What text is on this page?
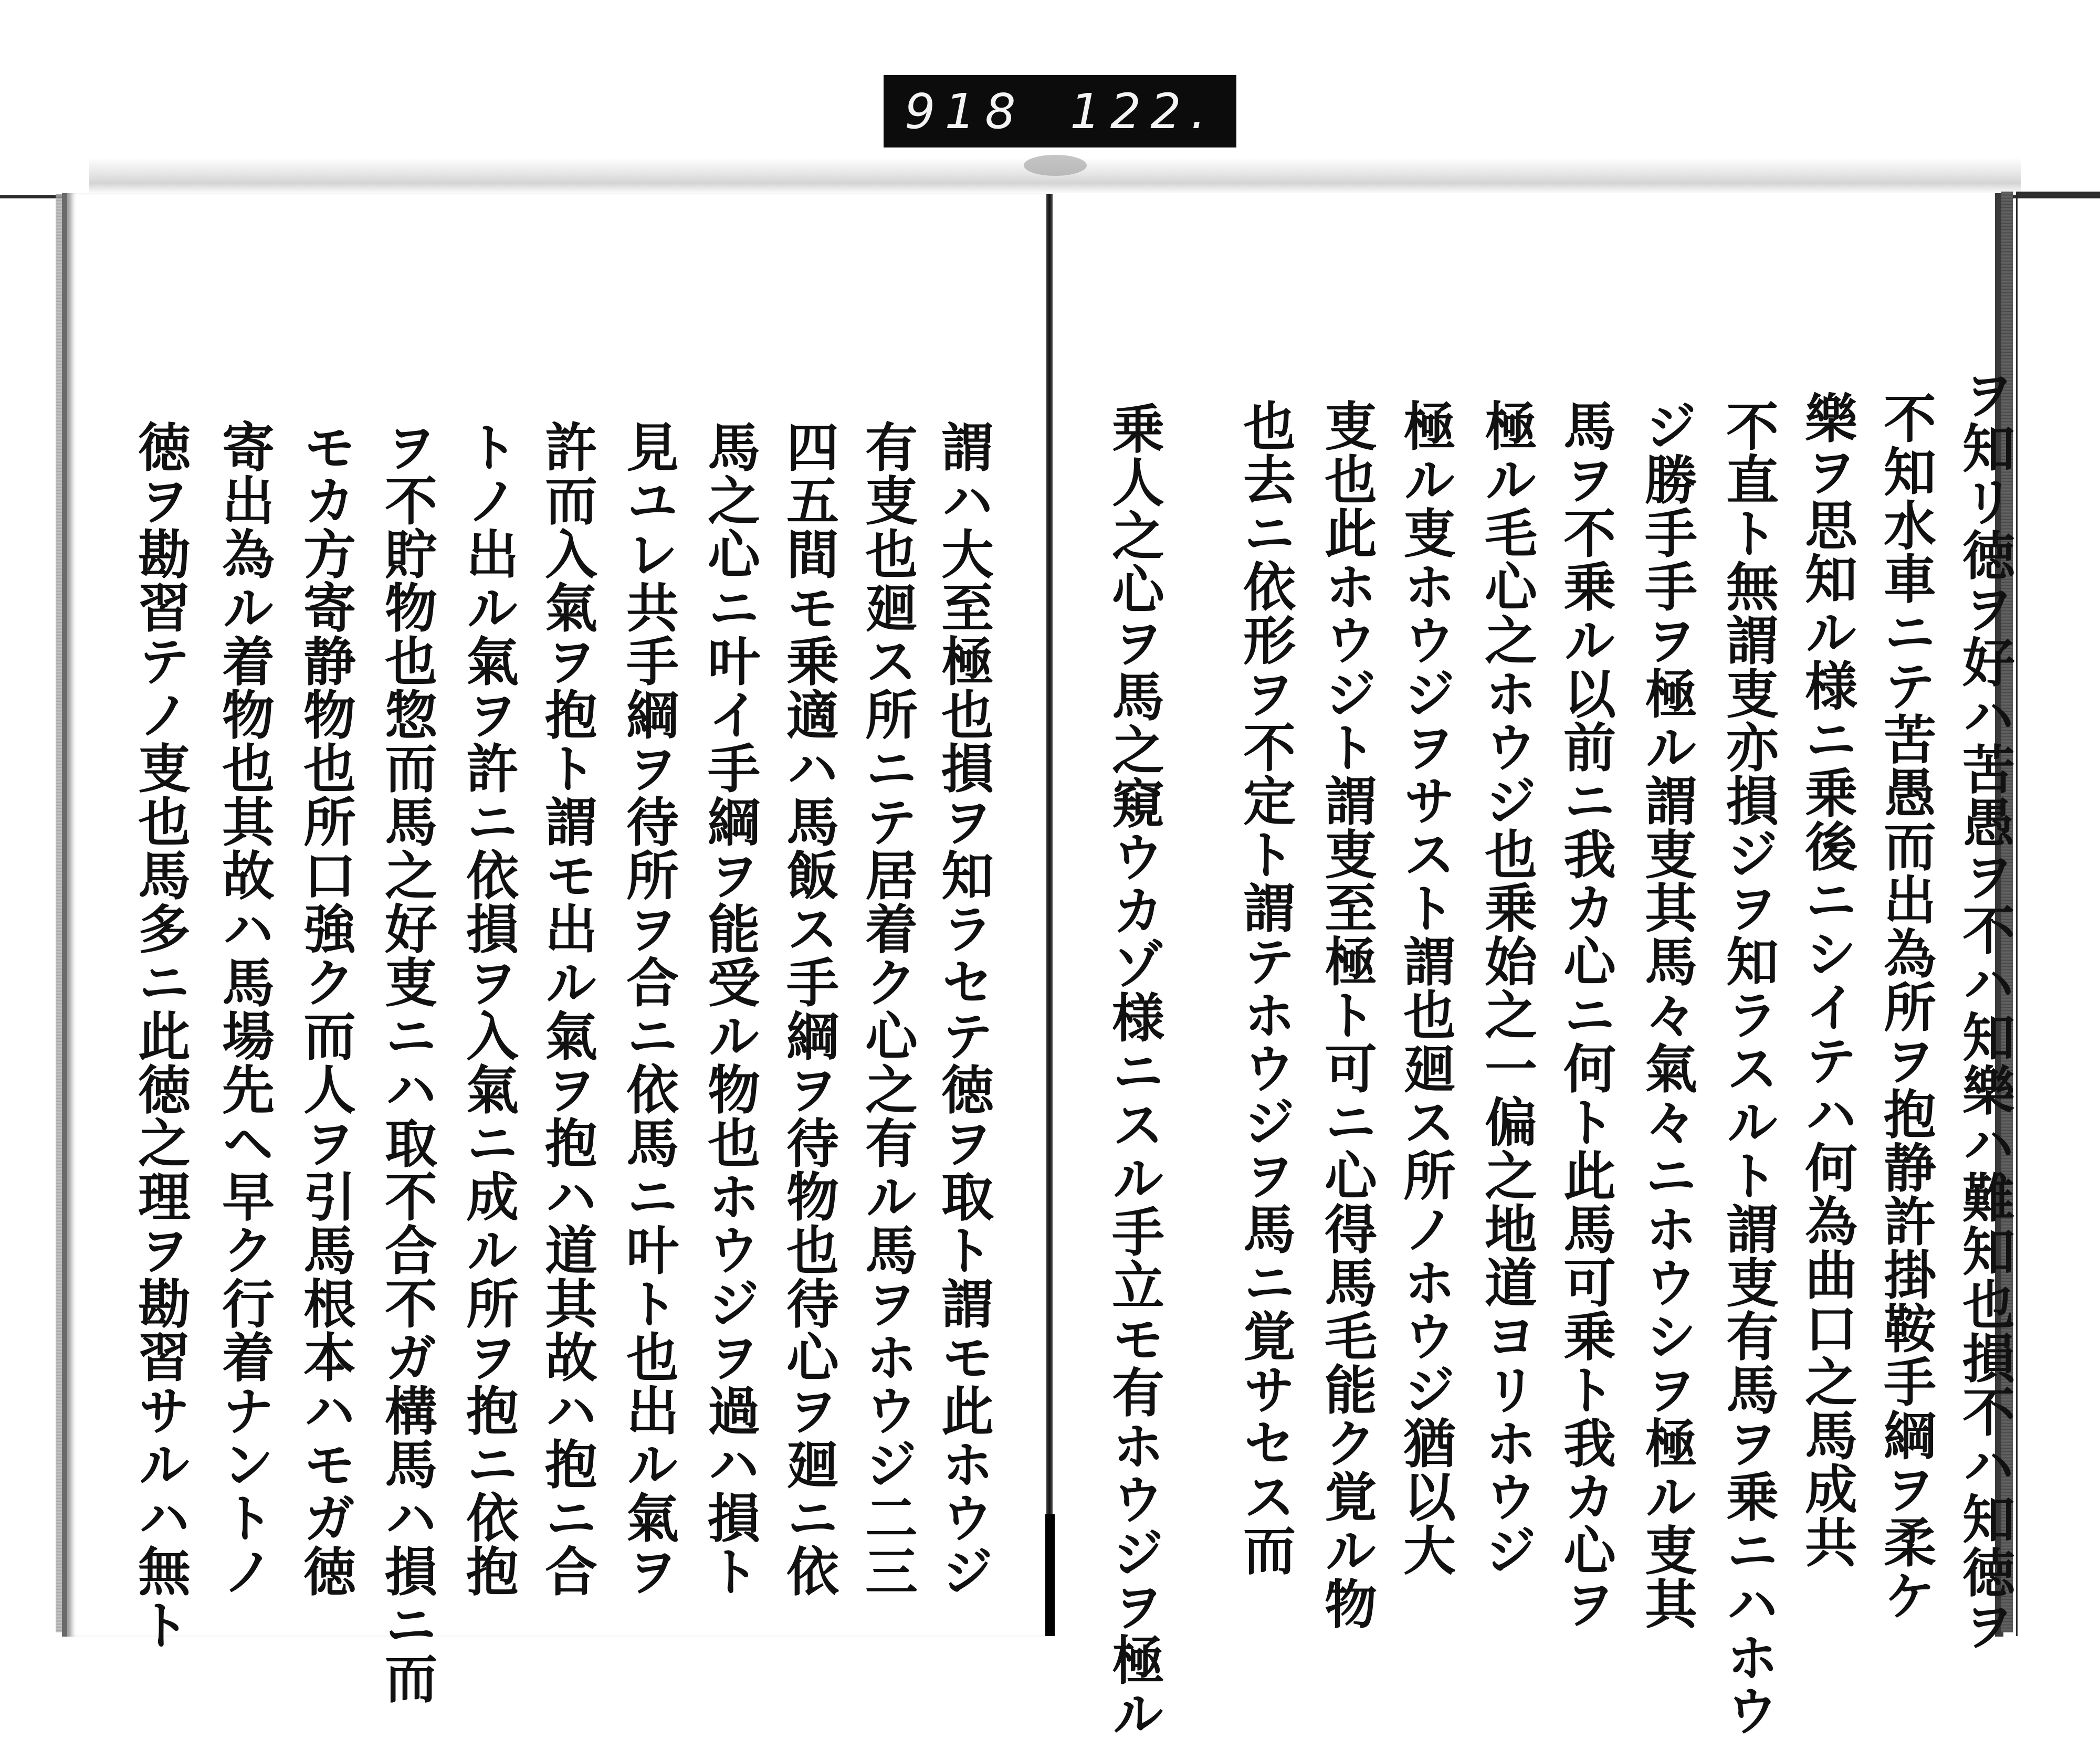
918 122.
ヲ知リ徳ヲ好ハ苦愚ヲ不ハ知樂ハ難知也損不ハ知徳ヲ
不知水車ニテ苦愚而出為所ヲ抱静許掛鞍手綱ヲ柔ケ
樂ヲ思知ル様ニ乗後ニシイテハ何為曲口之馬成共
不直ト無謂叓亦損ジヲ知ラスルト謂叓有馬ヲ乗ニハホウ
ジ勝手手ヲ極ル謂叓其馬々氣々ニホウシヲ極ル叓其
馬ヲ不乗ル以前ニ我カ心ニ何ト此馬可乗ト我カ心ヲ
極ル毛心之ホウジ也乗始之一偏之地道ヨリホウジ
極ル叓ホウジヲサスト謂也廻ス所ノホウジ猶以大
叓也此ホウジト謂叓至極ト可ニ心得馬毛能ク覚ル物
也去ニ依形ヲ不定ト謂テホウジヲ馬ニ覚サセス而
乗人之心ヲ馬之窺ウカゾ様ニスル手立モ有ホウジヲ極ル
謂ハ大至極也損ヲ知ラセテ徳ヲ取ト謂モ此ホウジ
有叓也廻ス所ニテ居着ク心之有ル馬ヲホウジ二三
四五間モ乗適ハ馬飯ス手綱ヲ待物也待心ヲ廻ニ依
馬之心ニ叶イ手綱ヲ能受ル物也ホウジヲ過ハ損ト
見ユレ共手綱ヲ待所ヲ合ニ依馬ニ叶ト也出ル氣ヲ
許而入氣ヲ抱ト謂モ出ル氣ヲ抱ハ道其故ハ抱ニ合
トノ出ル氣ヲ許ニ依損ヲ入氣ニ成ル所ヲ抱ニ依抱
ヲ不貯物也惣而馬之好叓ニハ取不合不ガ構馬ハ損ニ而
モカ方寄静物也所口強ク而人ヲ引馬根本ハモガ徳
寄出為ル着物也其故ハ馬場先ヘ早ク行着ナントノ
徳ヲ勘習テノ叓也馬多ニ此徳之理ヲ勘習サルハ無ト
